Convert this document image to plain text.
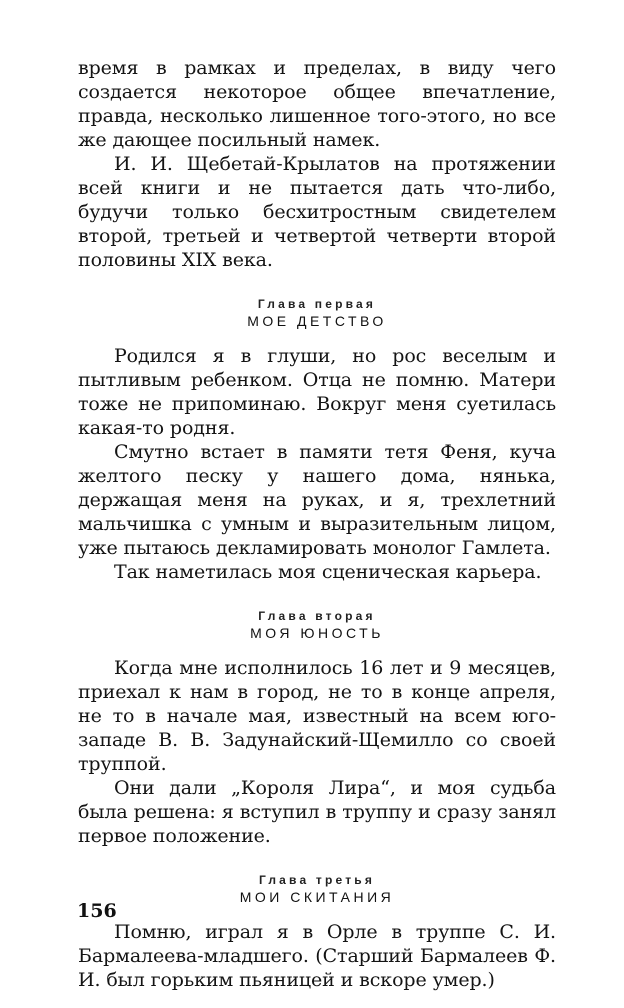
время в рамках и пределах, в виду чего создается некоторое общее впечатление, правда, несколько лишенное того-этого, но все же дающее посильный намек.

И. И. Щебетай-Крылатов на протяжении всей книги и не пытается дать что-либо, будучи только бесхитростным свидетелем второй, третьей и четвертой четверти второй половины XIX века.

Глава первая
МОЕ ДЕТСТВО

Родился я в глуши, но рос веселым и пытливым ребенком. Отца не помню. Матери тоже не припоминаю. Вокруг меня суетилась какая-то родня.

Смутно встает в памяти тетя Феня, куча желтого песку у нашего дома, нянька, держащая меня на руках, и я, трехлетний мальчишка с умным и выразительным лицом, уже пытаюсь декламировать монолог Гамлета.

Так наметилась моя сценическая карьера.

Глава вторая
МОЯ ЮНОСТЬ

Когда мне исполнилось 16 лет и 9 месяцев, приехал к нам в город, не то в конце апреля, не то в начале мая, известный на всем юго-западе В. В. Задунайский-Щемилло со своей труппой.

Они дали „Короля Лира“, и моя судьба была решена: я вступил в труппу и сразу занял первое положение.

Глава третья
МОИ СКИТАНИЯ

Помню, играл я в Орле в труппе С. И. Бармалеева-младшего. (Старший Бармалеев Ф. И. был горьким пьяницей и вскоре умер.)

156
